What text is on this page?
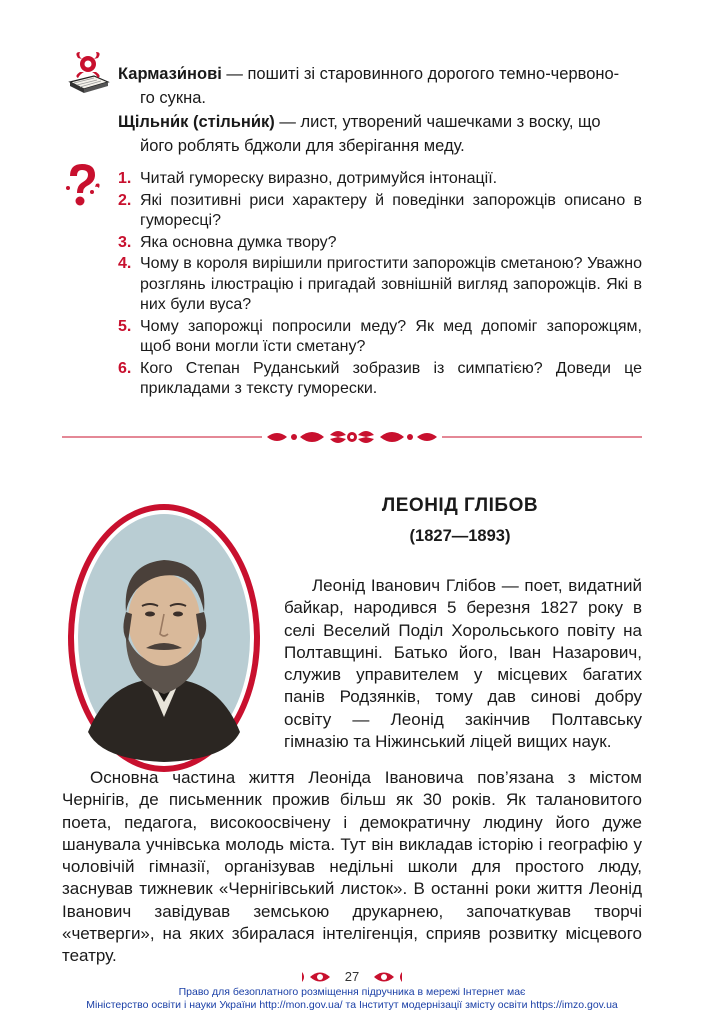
Кармази́нові — пошиті зі старовинного дорогого темно-червоно-

го сукна.

Щільни́к (стільни́к) — лист, утворений чашечками з воску, що

його роблять бджоли для зберігання меду.

1. Читай гумореску виразно, дотримуйся інтонації.
2. Які позитивні риси характеру й поведінки запорожців описано в гуморесці?
3. Яка основна думка твору?
4. Чому в короля вирішили пригостити запорожців сметаною? Уважно розглянь ілюстрацію і пригадай зовнішній вигляд запорожців. Які в них були вуса?
5. Чому запорожці попросили меду? Як мед допоміг запорожцям, щоб вони могли їсти сметану?
6. Кого Степан Руданський зобразив із симпатією? Доведи це прикладами з тексту гуморески.
ЛЕОНІД ГЛІБОВ
(1827—1893)

Леонід Іванович Глібов — поет, видатний байкар, народився 5 березня 1827 року в селі Веселий Поділ Хорольського повіту на Полтавщині. Батько його, Іван Назарович, служив управителем у місцевих багатих панів Родзянків, тому дав синові добру освіту — Леонід закінчив Полтавську гімназію та Ніжинський ліцей вищих наук.

Основна частина життя Леоніда Івановича пов’язана з містом Чернігів, де письменник прожив більш як 30 років. Як талановитого поета, педагога, високоосвічену і демократичну людину його дуже шанувала учнівська молодь міста. Тут він викладав історію і географію у чоловічій гімназії, організував недільні школи для простого люду, заснував тижневик «Чернігівський листок». В останні роки життя Леонід Іванович завідував земською друкарнею, започаткував творчі «четверги», на яких збиралася інтелігенція, сприяв розвитку місцевого театру.

27
Право для безоплатного розміщення підручника в мережі Інтернет має
Міністерство освіти і науки України http://mon.gov.ua/ та Інститут модернізації змісту освіти https://imzo.gov.ua
